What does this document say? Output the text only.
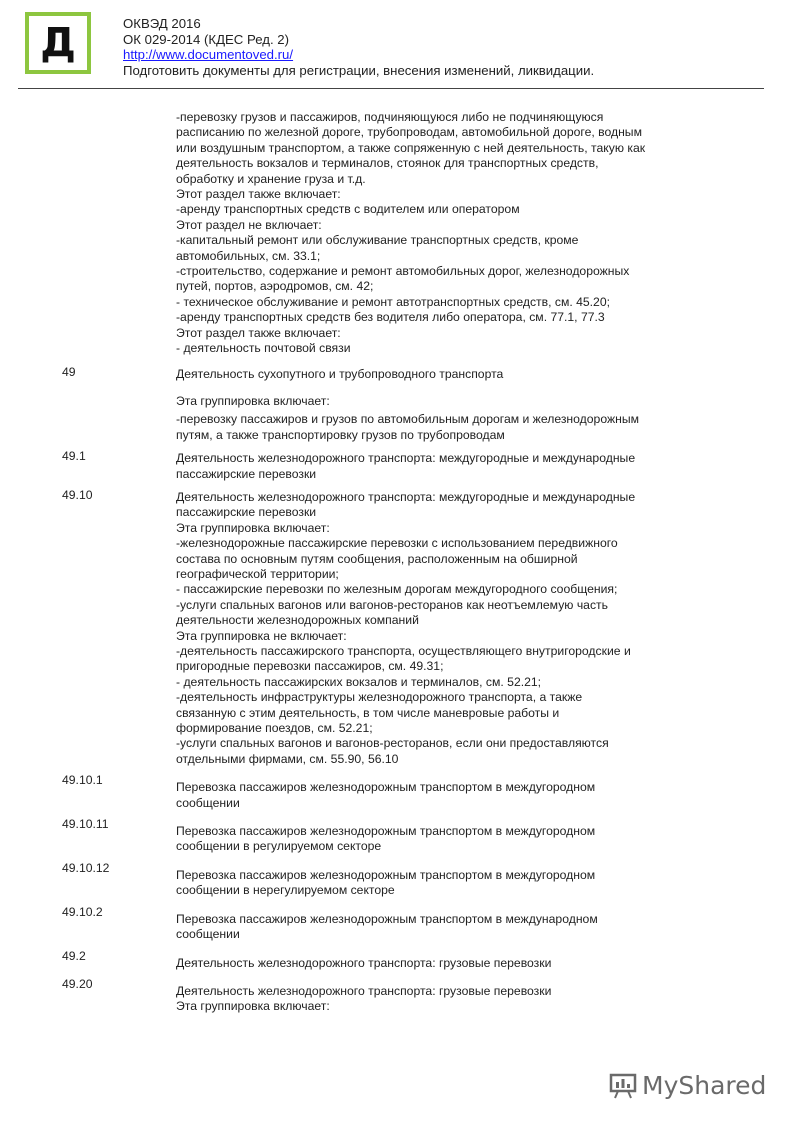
Д	ОКВЭД 2016
ОК 029-2014 (КДЕС Ред. 2)
http://www.documentoved.ru/
Подготовить документы для регистрации, внесения изменений, ликвидации.
-перевозку грузов и пассажиров, подчиняющуюся либо не подчиняющуюся
расписанию по железной дороге, трубопроводам, автомобильной дороге, водным
или воздушным транспортом, а также сопряженную с ней деятельность, такую как
деятельность вокзалов и терминалов, стоянок для транспортных средств,
обработку и хранение груза и т.д.
Этот раздел также включает:
-аренду транспортных средств с водителем или оператором
Этот раздел не включает:
-капитальный ремонт или обслуживание транспортных средств, кроме
автомобильных, см. 33.1;
-строительство, содержание и ремонт автомобильных дорог, железнодорожных
путей, портов, аэродромов, см. 42;
- техническое обслуживание и ремонт автотранспортных средств, см. 45.20;
-аренду транспортных средств без водителя либо оператора, см. 77.1, 77.3
Этот раздел также включает:
- деятельность почтовой связи
49	Деятельность сухопутного и трубопроводного транспорта
Эта группировка включает:
-перевозку пассажиров и грузов по автомобильным дорогам и железнодорожным
путям, а также транспортировку грузов по трубопроводам
49.1	Деятельность железнодорожного транспорта: междугородные и международные
пассажирские перевозки
49.10	Деятельность железнодорожного транспорта: междугородные и международные
пассажирские перевозки
Эта группировка включает:
-железнодорожные пассажирские перевозки с использованием передвижного
состава по основным путям сообщения, расположенным на обширной
географической территории;
- пассажирские перевозки по железным дорогам междугородного сообщения;
-услуги спальных вагонов или вагонов-ресторанов как неотъемлемую часть
деятельности железнодорожных компаний
Эта группировка не включает:
-деятельность пассажирского транспорта, осуществляющего внутригородские и
пригородные перевозки пассажиров, см. 49.31;
- деятельность пассажирских вокзалов и терминалов, см. 52.21;
-деятельность инфраструктуры железнодорожного транспорта, а также
связанную с этим деятельность, в том числе маневровые работы и
формирование поездов, см. 52.21;
-услуги спальных вагонов и вагонов-ресторанов, если они предоставляются
отдельными фирмами, см. 55.90, 56.10
49.10.1	Перевозка пассажиров железнодорожным транспортом в междугородном
сообщении
49.10.11	Перевозка пассажиров железнодорожным транспортом в междугородном
сообщении в регулируемом секторе
49.10.12	Перевозка пассажиров железнодорожным транспортом в междугородном
сообщении в нерегулируемом секторе
49.10.2	Перевозка пассажиров железнодорожным транспортом в международном
сообщении
49.2	Деятельность железнодорожного транспорта: грузовые перевозки
49.20	Деятельность железнодорожного транспорта: грузовые перевозки
Эта группировка включает:
MyShared
